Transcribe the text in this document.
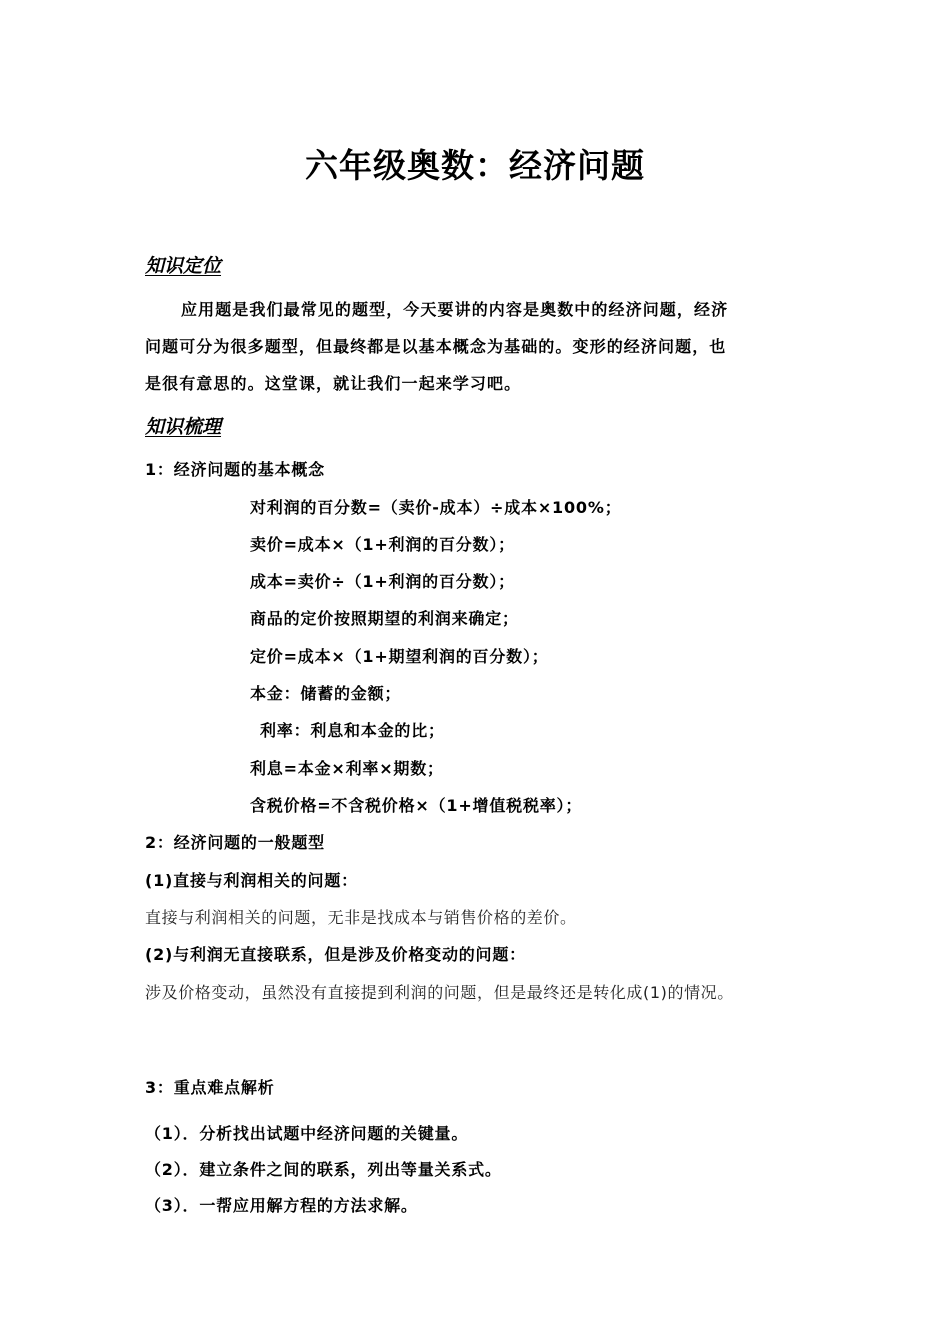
六年级奥数：经济问题
知识定位
应用题是我们最常见的题型，今天要讲的内容是奥数中的经济问题，经济
问题可分为很多题型，但最终都是以基本概念为基础的。变形的经济问题，也
是很有意思的。这堂课，就让我们一起来学习吧。
知识梳理
1：经济问题的基本概念
对利润的百分数=（卖价-成本）÷成本×100%；
卖价=成本×（1+利润的百分数）；
成本=卖价÷（1+利润的百分数）；
商品的定价按照期望的利润来确定；
定价=成本×（1+期望利润的百分数）；
本金：储蓄的金额；
利率：利息和本金的比；
利息=本金×利率×期数；
含税价格=不含税价格×（1+增值税税率）；
2：经济问题的一般题型
(1)直接与利润相关的问题：
直接与利润相关的问题，无非是找成本与销售价格的差价。
(2)与利润无直接联系，但是涉及价格变动的问题：
涉及价格变动，虽然没有直接提到利润的问题，但是最终还是转化成(1)的情况。
3：重点难点解析
（1）．分析找出试题中经济问题的关键量。
（2）．建立条件之间的联系，列出等量关系式。
（3）．一帮应用解方程的方法求解。
